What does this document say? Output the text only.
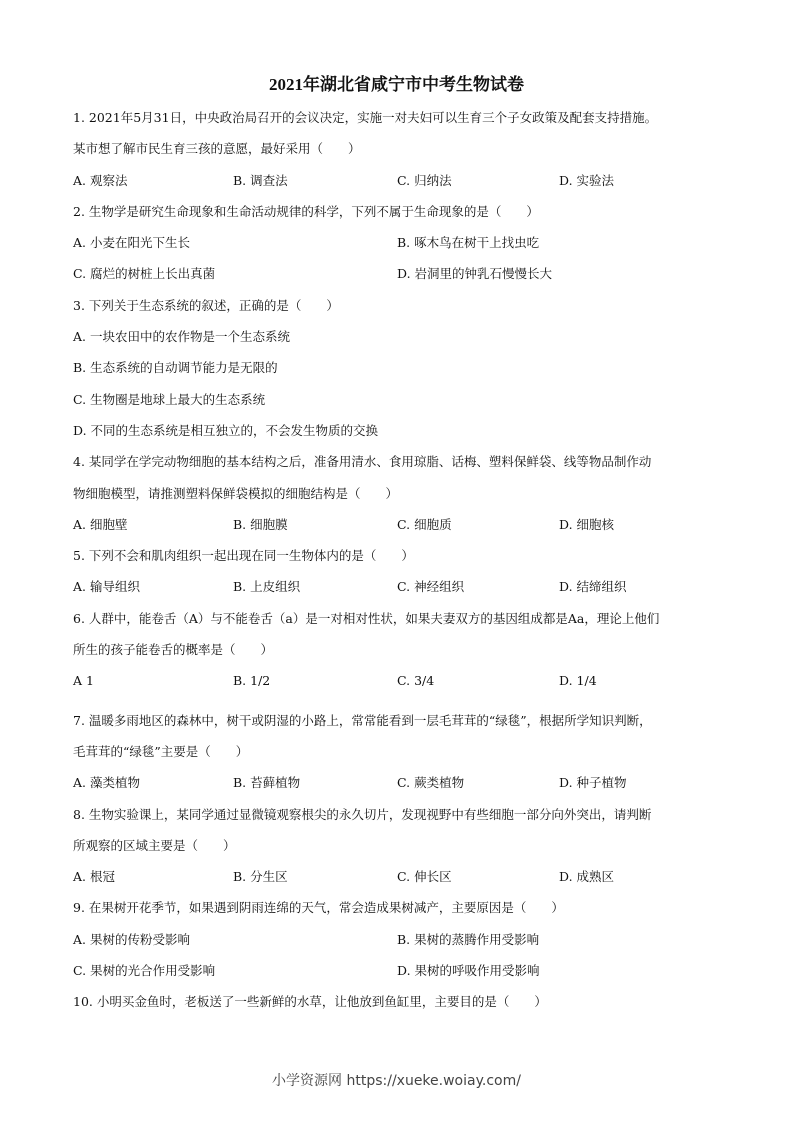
2021年湖北省咸宁市中考生物试卷
1. 2021年5月31日，中央政治局召开的会议决定，实施一对夫妇可以生育三个子女政策及配套支持措施。
某市想了解市民生育三孩的意愿，最好采用（　　）
A. 观察法	B. 调查法	C. 归纳法	D. 实验法
2. 生物学是研究生命现象和生命活动规律的科学，下列不属于生命现象的是（　　）
A. 小麦在阳光下生长	B. 啄木鸟在树干上找虫吃
C. 腐烂的树桩上长出真菌	D. 岩洞里的钟乳石慢慢长大
3. 下列关于生态系统的叙述，正确的是（　　）
A. 一块农田中的农作物是一个生态系统
B. 生态系统的自动调节能力是无限的
C. 生物圈是地球上最大的生态系统
D. 不同的生态系统是相互独立的，不会发生物质的交换
4. 某同学在学完动物细胞的基本结构之后，准备用清水、食用琼脂、话梅、塑料保鲜袋、线等物品制作动
物细胞模型，请推测塑料保鲜袋模拟的细胞结构是（　　）
A. 细胞壁	B. 细胞膜	C. 细胞质	D. 细胞核
5. 下列不会和肌肉组织一起出现在同一生物体内的是（　　）
A. 输导组织	B. 上皮组织	C. 神经组织	D. 结缔组织
6. 人群中，能卷舌（A）与不能卷舌（a）是一对相对性状，如果夫妻双方的基因组成都是Aa，理论上他们
所生的孩子能卷舌的概率是（　　）
A 1	B. 1/2	C. 3/4	D. 1/4
7. 温暖多雨地区的森林中，树干或阴湿的小路上，常常能看到一层毛茸茸的“绿毯”，根据所学知识判断，
毛茸茸的“绿毯”主要是（　　）
A. 藻类植物	B. 苔藓植物	C. 蕨类植物	D. 种子植物
8. 生物实验课上，某同学通过显微镜观察根尖的永久切片，发现视野中有些细胞一部分向外突出，请判断
所观察的区域主要是（　　）
A. 根冠	B. 分生区	C. 伸长区	D. 成熟区
9. 在果树开花季节，如果遇到阴雨连绵的天气，常会造成果树减产，主要原因是（　　）
A. 果树的传粉受影响	B. 果树的蒸腾作用受影响
C. 果树的光合作用受影响	D. 果树的呼吸作用受影响
10. 小明买金鱼时，老板送了一些新鲜的水草，让他放到鱼缸里，主要目的是（　　）
小学资源网 https://xueke.woiay.com/
